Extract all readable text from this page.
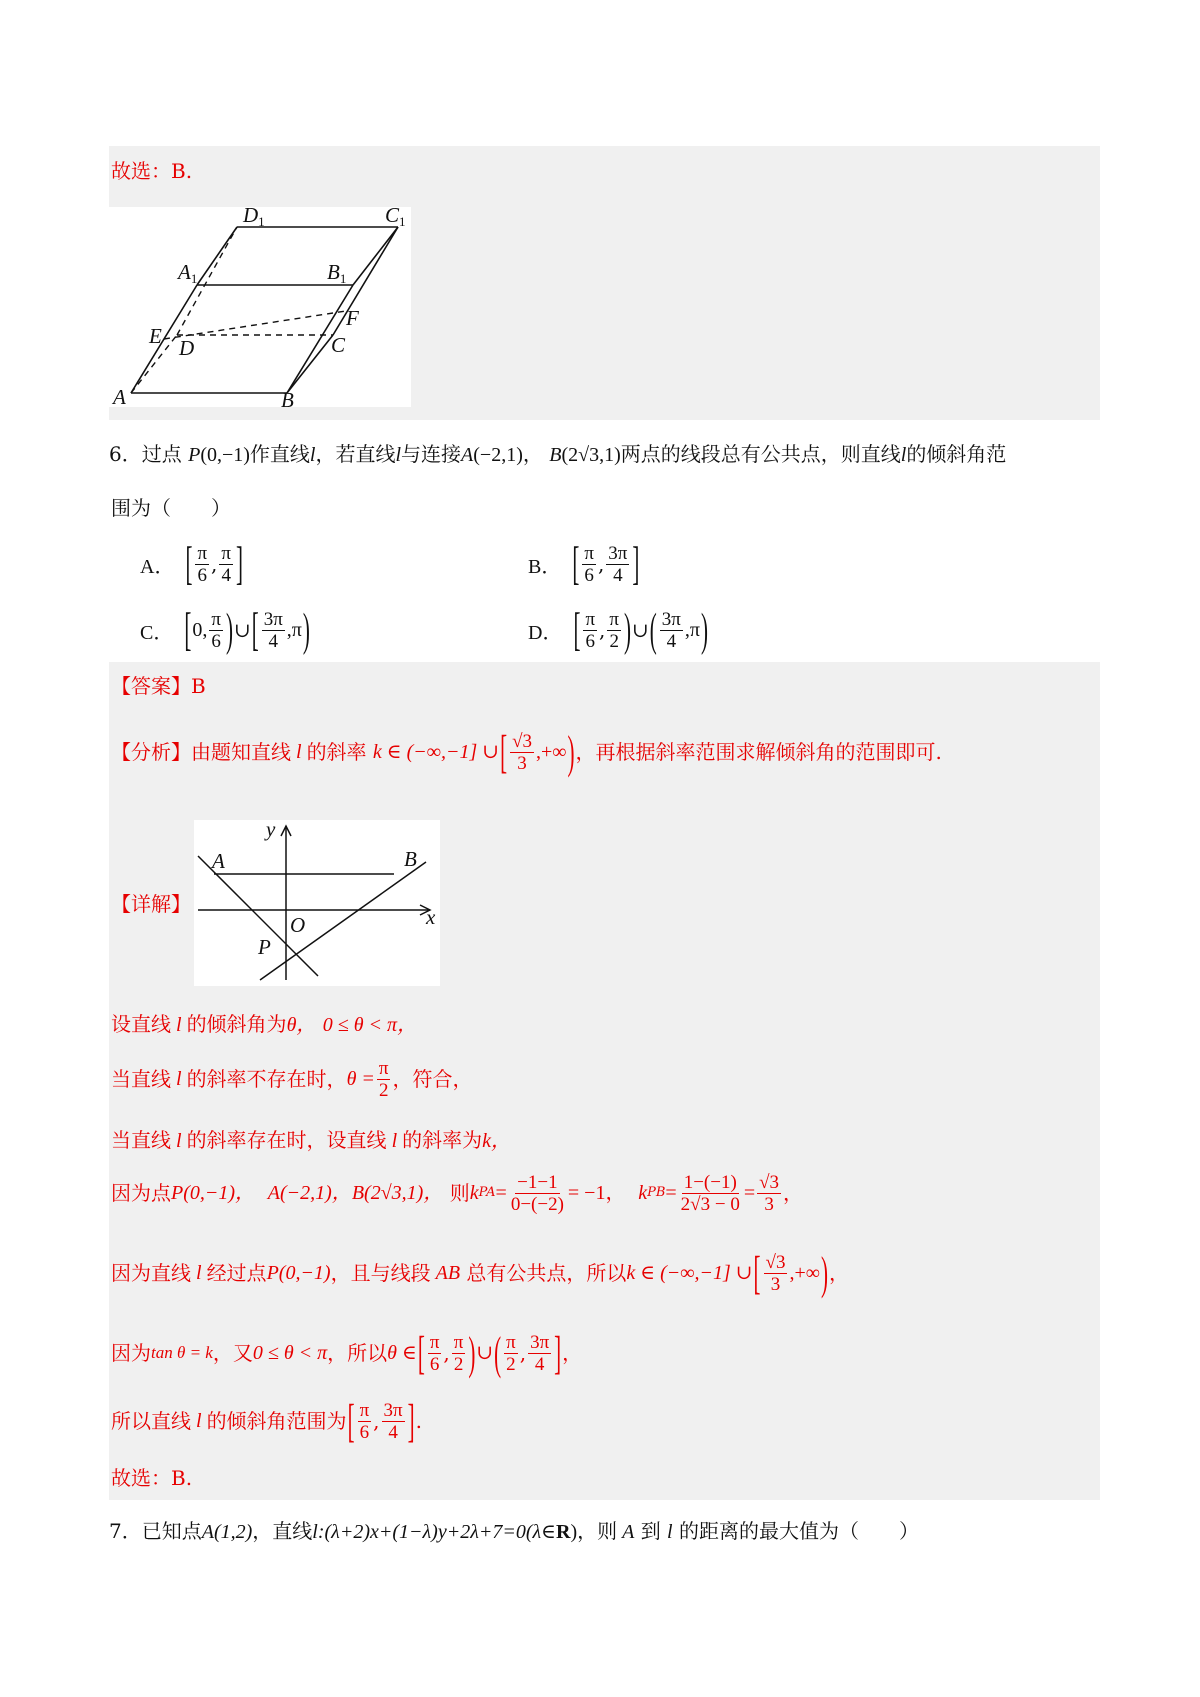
故选：B.
D1	C1
A1	B1
E
F
D	C
A	B
6．过点 P(0,−1)作直线l，若直线l与连接A(−2,1)， B(2√3,1)两点的线段总有公共点，则直线l的倾斜角范
围为（　　）
A． [ $\frac{\pi}{6}$ , $\frac{\pi}{4}$ ]	B． [ $\frac{\pi}{6}$ , $\frac{3\pi}{4}$ ]
C． [ 0, $\frac{\pi}{6}$ ) ∪ [ $\frac{3\pi}{4} ,\pi$ )	D． [ $\frac{\pi}{6}$ , $\frac{\pi}{2}$ ) ∪ ( $\frac{3\pi}{4} ,\pi$ )
【答案】B
【分析】 由题知直线 l 的斜率
k ∈ (−∞,−1] ∪ [ $\frac{√3}{3}$ ,+∞ ) ，再根据斜率范围求解倾斜角的范围即可.
【详解】
y
A	B
O	x
P
设直线 l 的倾斜角为θ， 0 ≤ θ < π，
当直线 l 的斜率不存在时， $\theta = \frac{\pi}{2}$ ，符合，
当直线 l 的斜率存在时，设直线 l 的斜率为k，
因为点 P(0,−1)，
A(−2,1)， B(2√3,1)，
则 k PA = $\frac{-1-1}{0-(-2)} = -1$，
k PB = $\frac{1-(-1)}{2√3 - 0} = \frac{√3}{3}$ ，
因为直线 l 经过点 P(0,−1) ，且与线段
AB
总有公共点，所以 k ∈ (−∞,−1] ∪ [ $\frac{√3}{3}$ ,+∞ ) ，
因为 tan θ = k ，又 0 ≤ θ < π ，所以 θ ∈ [ $\frac{\pi}{6}$ , $\frac{\pi}{2}$ ) ∪ ( $\frac{\pi}{2}$ , $\frac{3\pi}{4}$ ] ，
所以直线 l 的倾斜角范围为 [ $\frac{\pi}{6}$ , $\frac{3\pi}{4}$ ] .
故选：B.
7．已知点A(1,2)，直线l:(λ+2)x+(1−λ)y+2λ+7=0(λ∈R)，则 A 到 l 的距离的最大值为（　　）
